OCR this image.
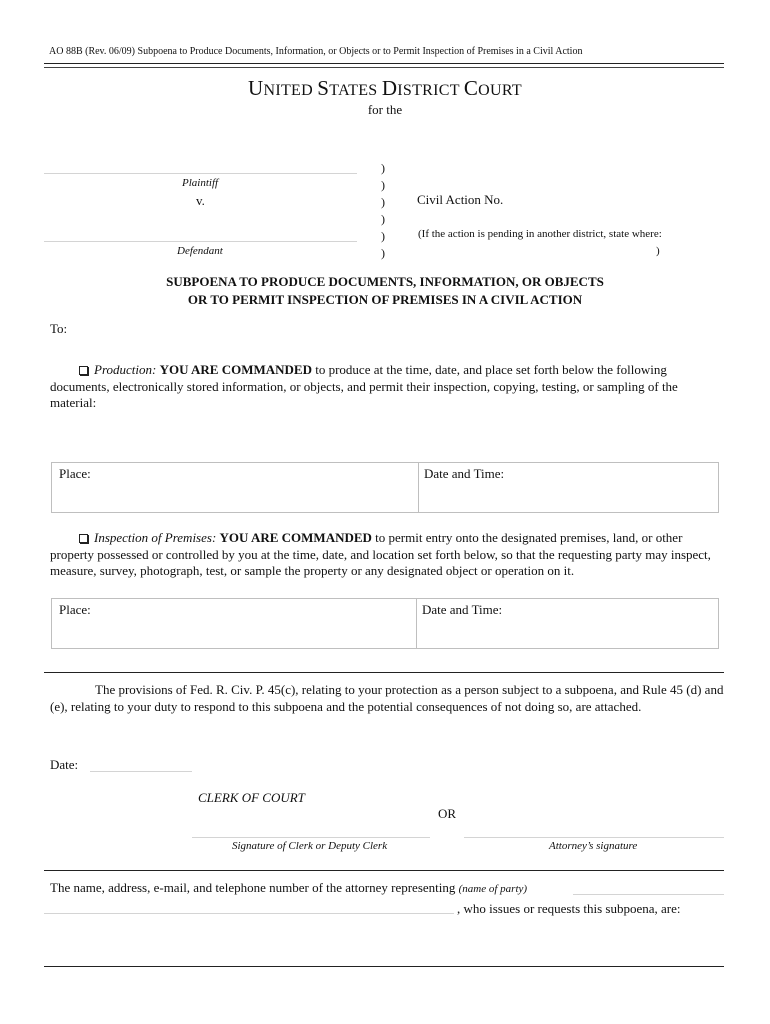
AO 88B (Rev. 06/09) Subpoena to Produce Documents, Information, or Objects or to Permit Inspection of Premises in a Civil Action
UNITED STATES DISTRICT COURT
for the
Plaintiff
v.
Defendant
)
)
)
)
)
)
Civil Action No.
(If the action is pending in another district, state where:
)
SUBPOENA TO PRODUCE DOCUMENTS, INFORMATION, OR OBJECTS
OR TO PERMIT INSPECTION OF PREMISES IN A CIVIL ACTION
To:
Production: YOU ARE COMMANDED to produce at the time, date, and place set forth below the following documents, electronically stored information, or objects, and permit their inspection, copying, testing, or sampling of the material:
Place:	Date and Time:
Inspection of Premises: YOU ARE COMMANDED to permit entry onto the designated premises, land, or other property possessed or controlled by you at the time, date, and location set forth below, so that the requesting party may inspect, measure, survey, photograph, test, or sample the property or any designated object or operation on it.
Place:	Date and Time:
The provisions of Fed. R. Civ. P. 45(c), relating to your protection as a person subject to a subpoena, and Rule 45 (d) and (e), relating to your duty to respond to this subpoena and the potential consequences of not doing so, are attached.
Date:
CLERK OF COURT
OR
Signature of Clerk or Deputy Clerk	Attorney’s signature
The name, address, e-mail, and telephone number of the attorney representing (name of party)
, who issues or requests this subpoena, are:
